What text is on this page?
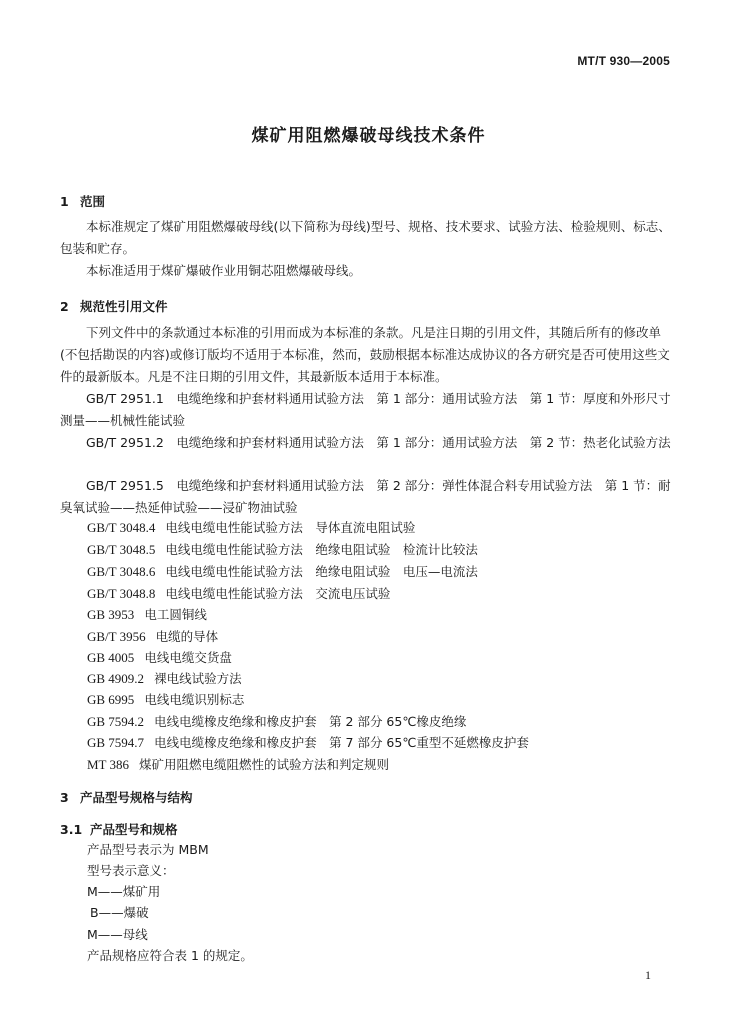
MT/T 930—2005
煤矿用阻燃爆破母线技术条件
1 范围

本标准规定了煤矿用阻燃爆破母线(以下简称为母线)型号、规格、技术要求、试验方法、检验规则、标志、包装和贮存。

本标准适用于煤矿爆破作业用铜芯阻燃爆破母线。

2 规范性引用文件

下列文件中的条款通过本标准的引用而成为本标准的条款。凡是注日期的引用文件，其随后所有的修改单(不包括勘误的内容)或修订版均不适用于本标准，然而，鼓励根据本标准达成协议的各方研究是否可使用这些文件的最新版本。凡是不注日期的引用文件，其最新版本适用于本标准。

GB/T 2951.1　 电缆绝缘和护套材料通用试验方法　第 1 部分：通用试验方法　第 1 节：厚度和外形尺寸测量——机械性能试验

GB/T 2951.2　 电缆绝缘和护套材料通用试验方法　第 1 部分：通用试验方法　第 2 节：热老化试验方法

GB/T 2951.5　 电缆绝缘和护套材料通用试验方法　第 2 部分：弹性体混合料专用试验方法　第 1 节：耐臭氧试验——热延伸试验——浸矿物油试验

GB/T 3048.4 电线电缆电性能试验方法　导体直流电阻试验
GB/T 3048.5 电线电缆电性能试验方法　绝缘电阻试验　检流计比较法
GB/T 3048.6 电线电缆电性能试验方法　绝缘电阻试验　电压—电流法
GB/T 3048.8 电线电缆电性能试验方法　交流电压试验
GB 3953 电工圆铜线
GB/T 3956 电缆的导体
GB 4005 电线电缆交货盘
GB 4909.2 裸电线试验方法
GB 6995 电线电缆识别标志
GB 7594.2 电线电缆橡皮绝缘和橡皮护套　第 2 部分 65℃橡皮绝缘
GB 7594.7 电线电缆橡皮绝缘和橡皮护套　第 7 部分 65℃重型不延燃橡皮护套
MT 386 煤矿用阻燃电缆阻燃性的试验方法和判定规则
3 产品型号规格与结构
3.1 产品型号和规格
产品型号表示为 MBM
型号表示意义：
M——煤矿用
B——爆破
M——母线
产品规格应符合表 1 的规定。
1
